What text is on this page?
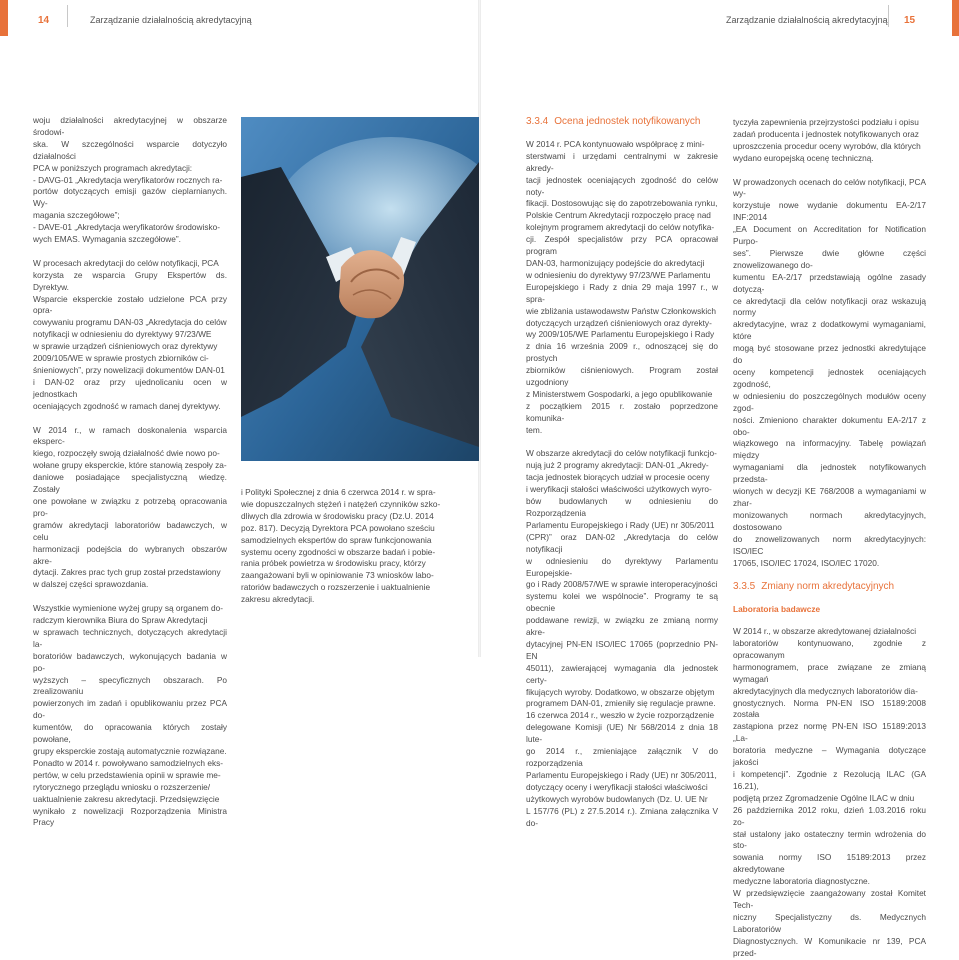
14	Zarządzanie działalnością akredytacyjną	Zarządzanie działalnością akredytacyjną 15

woju działalności akredytacyjnej w obszarze środowi-
ska. W szczególności wsparcie dotyczyło działalności
PCA w poniższych programach akredytacji:
- DAVG-01 „Akredytacja weryfikatorów rocznych ra-
portów dotyczących emisji gazów cieplarnianych. Wy-
magania szczegółowe”;
- DAVE-01 „Akredytacja weryfikatorów środowisko-
wych EMAS. Wymagania szczegółowe”.

W procesach akredytacji do celów notyfikacji, PCA
korzysta ze wsparcia Grupy Ekspertów ds. Dyrektyw.
Wsparcie eksperckie zostało udzielone PCA przy opra-
cowywaniu programu DAN-03 „Akredytacja do celów
notyfikacji w odniesieniu do dyrektywy 97/23/WE
w sprawie urządzeń ciśnieniowych oraz dyrektywy
2009/105/WE w sprawie prostych zbiorników ci-
śnieniowych”, przy nowelizacji dokumentów DAN-01
i DAN-02 oraz przy ujednolicaniu ocen w jednostkach
oceniających zgodność w ramach danej dyrektywy.

W 2014 r., w ramach doskonalenia wsparcia eksperc-
kiego, rozpoczęły swoją działalność dwie nowo po-
wołane grupy eksperckie, które stanowią zespoły za-
daniowe posiadające specjalistyczną wiedzę. Zostały
one powołane w związku z potrzebą opracowania pro-
gramów akredytacji laboratoriów badawczych, w celu
harmonizacji podejścia do wybranych obszarów akre-
dytacji. Zakres prac tych grup został przedstawiony
w dalszej części sprawozdania.

Wszystkie wymienione wyżej grupy są organem do-
radczym kierownika Biura do Spraw Akredytacji
w sprawach technicznych, dotyczących akredytacji la-
boratoriów badawczych, wykonujących badania w po-
wyższych – specyficznych obszarach. Po zrealizowaniu
powierzonych im zadań i opublikowaniu przez PCA do-
kumentów, do opracowania których zostały powołane,
grupy eksperckie zostają automatycznie rozwiązane.
Ponadto w 2014 r. powoływano samodzielnych eks-
pertów, w celu przedstawienia opinii w sprawie me-
rytorycznego przeglądu wniosku o rozszerzenie/
uaktualnienie zakresu akredytacji. Przedsięwzięcie
wynikało z nowelizacji Rozporządzenia Ministra Pracy

i Polityki Społecznej z dnia 6 czerwca 2014 r. w spra-
wie dopuszczalnych stężeń i natężeń czynników szko-
dliwych dla zdrowia w środowisku pracy (Dz.U. 2014
poz. 817). Decyzją Dyrektora PCA powołano sześciu
samodzielnych ekspertów do spraw funkcjonowania
systemu oceny zgodności w obszarze badań i pobie-
rania próbek powietrza w środowisku pracy, którzy
zaangażowani byli w opiniowanie 73 wniosków labo-
ratoriów badawczych o rozszerzenie i uaktualnienie
zakresu akredytacji.

3.3.4 Ocena jednostek notyfikowanych

W 2014 r. PCA kontynuowało współpracę z mini-
sterstwami i urzędami centralnymi w zakresie akredy-
tacji jednostek oceniających zgodność do celów noty-
fikacji. Dostosowując się do zapotrzebowania rynku,
Polskie Centrum Akredytacji rozpoczęło pracę nad
kolejnym programem akredytacji do celów notyfika-
cji. Zespół specjalistów przy PCA opracował program
DAN-03, harmonizujący podejście do akredytacji
w odniesieniu do dyrektywy 97/23/WE Parlamentu
Europejskiego i Rady z dnia 29 maja 1997 r., w spra-
wie zbliżania ustawodawstw Państw Członkowskich
dotyczących urządzeń ciśnieniowych oraz dyrekty-
wy 2009/105/WE Parlamentu Europejskiego i Rady
z dnia 16 września 2009 r., odnoszącej się do prostych
zbiorników ciśnieniowych. Program został uzgodniony
z Ministerstwem Gospodarki, a jego opublikowanie
z początkiem 2015 r. zostało poprzedzone komunika-
tem.

W obszarze akredytacji do celów notyfikacji funkcjo-
nują już 2 programy akredytacji: DAN-01 „Akredy-
tacja jednostek biorących udział w procesie oceny
i weryfikacji stałości właściwości użytkowych wyro-
bów budowlanych w odniesieniu do Rozporządzenia
Parlamentu Europejskiego i Rady (UE) nr 305/2011
(CPR)” oraz DAN-02 „Akredytacja do celów notyfikacji
w odniesieniu do dyrektywy Parlamentu Europejskie-
go i Rady 2008/57/WE w sprawie interoperacyjności
systemu kolei we wspólnocie”. Programy te są obecnie
poddawane rewizji, w związku ze zmianą normy akre-
dytacyjnej PN-EN ISO/IEC 17065 (poprzednio PN-EN
45011), zawierającej wymagania dla jednostek certy-
fikujących wyroby. Dodatkowo, w obszarze objętym
programem DAN-01, zmieniły się regulacje prawne.
16 czerwca 2014 r., weszło w życie rozporządzenie
delegowane Komisji (UE) Nr 568/2014 z dnia 18 lute-
go 2014 r., zmieniające załącznik V do rozporządzenia
Parlamentu Europejskiego i Rady (UE) nr 305/2011,
dotyczący oceny i weryfikacji stałości właściwości
użytkowych wyrobów budowlanych (Dz. U. UE Nr
L 157/76 (PL) z 27.5.2014 r.). Zmiana załącznika V do-

tyczyła zapewnienia przejrzystości podziału i opisu
zadań producenta i jednostek notyfikowanych oraz
uproszczenia procedur oceny wyrobów, dla których
wydano europejską ocenę techniczną.

W prowadzonych ocenach do celów notyfikacji, PCA wy-
korzystuje nowe wydanie dokumentu EA-2/17 INF:2014
„EA Document on Accreditation for Notification Purpo-
ses”. Pierwsze dwie główne części znowelizowanego do-
kumentu EA-2/17 przedstawiają ogólne zasady dotyczą-
ce akredytacji dla celów notyfikacji oraz wskazują normy
akredytacyjne, wraz z dodatkowymi wymaganiami, które
mogą być stosowane przez jednostki akredytujące do
oceny kompetencji jednostek oceniających zgodność,
w odniesieniu do poszczególnych modułów oceny zgod-
ności. Zmieniono charakter dokumentu EA-2/17 z obo-
wiązkowego na informacyjny. Tabelę powiązań między
wymaganiami dla jednostek notyfikowanych przedsta-
wionych w decyzji KE 768/2008 a wymaganiami w zhar-
monizowanych normach akredytacyjnych, dostosowano
do znowelizowanych norm akredytacyjnych: ISO/IEC
17065, ISO/IEC 17024, ISO/IEC 17020.

3.3.5 Zmiany norm akredytacyjnych
Laboratoria badawcze

W 2014 r., w obszarze akredytowanej działalności
laboratoriów kontynuowano, zgodnie z opracowanym
harmonogramem, prace związane ze zmianą wymagań
akredytacyjnych dla medycznych laboratoriów dia-
gnostycznych. Norma PN-EN ISO 15189:2008 została
zastąpiona przez normę PN-EN ISO 15189:2013 „La-
boratoria medyczne – Wymagania dotyczące jakości
i kompetencji”. Zgodnie z Rezolucją ILAC (GA 16.21),
podjętą przez Zgromadzenie Ogólne ILAC w dniu
26 października 2012 roku, dzień 1.03.2016 roku zo-
stał ustalony jako ostateczny termin wdrożenia do sto-
sowania normy ISO 15189:2013 przez akredytowane
medyczne laboratoria diagnostyczne.
W przedsięwzięcie zaangażowany został Komitet Tech-
niczny Specjalistyczny ds. Medycznych Laboratoriów
Diagnostycznych. W Komunikacie nr 139, PCA przed-
